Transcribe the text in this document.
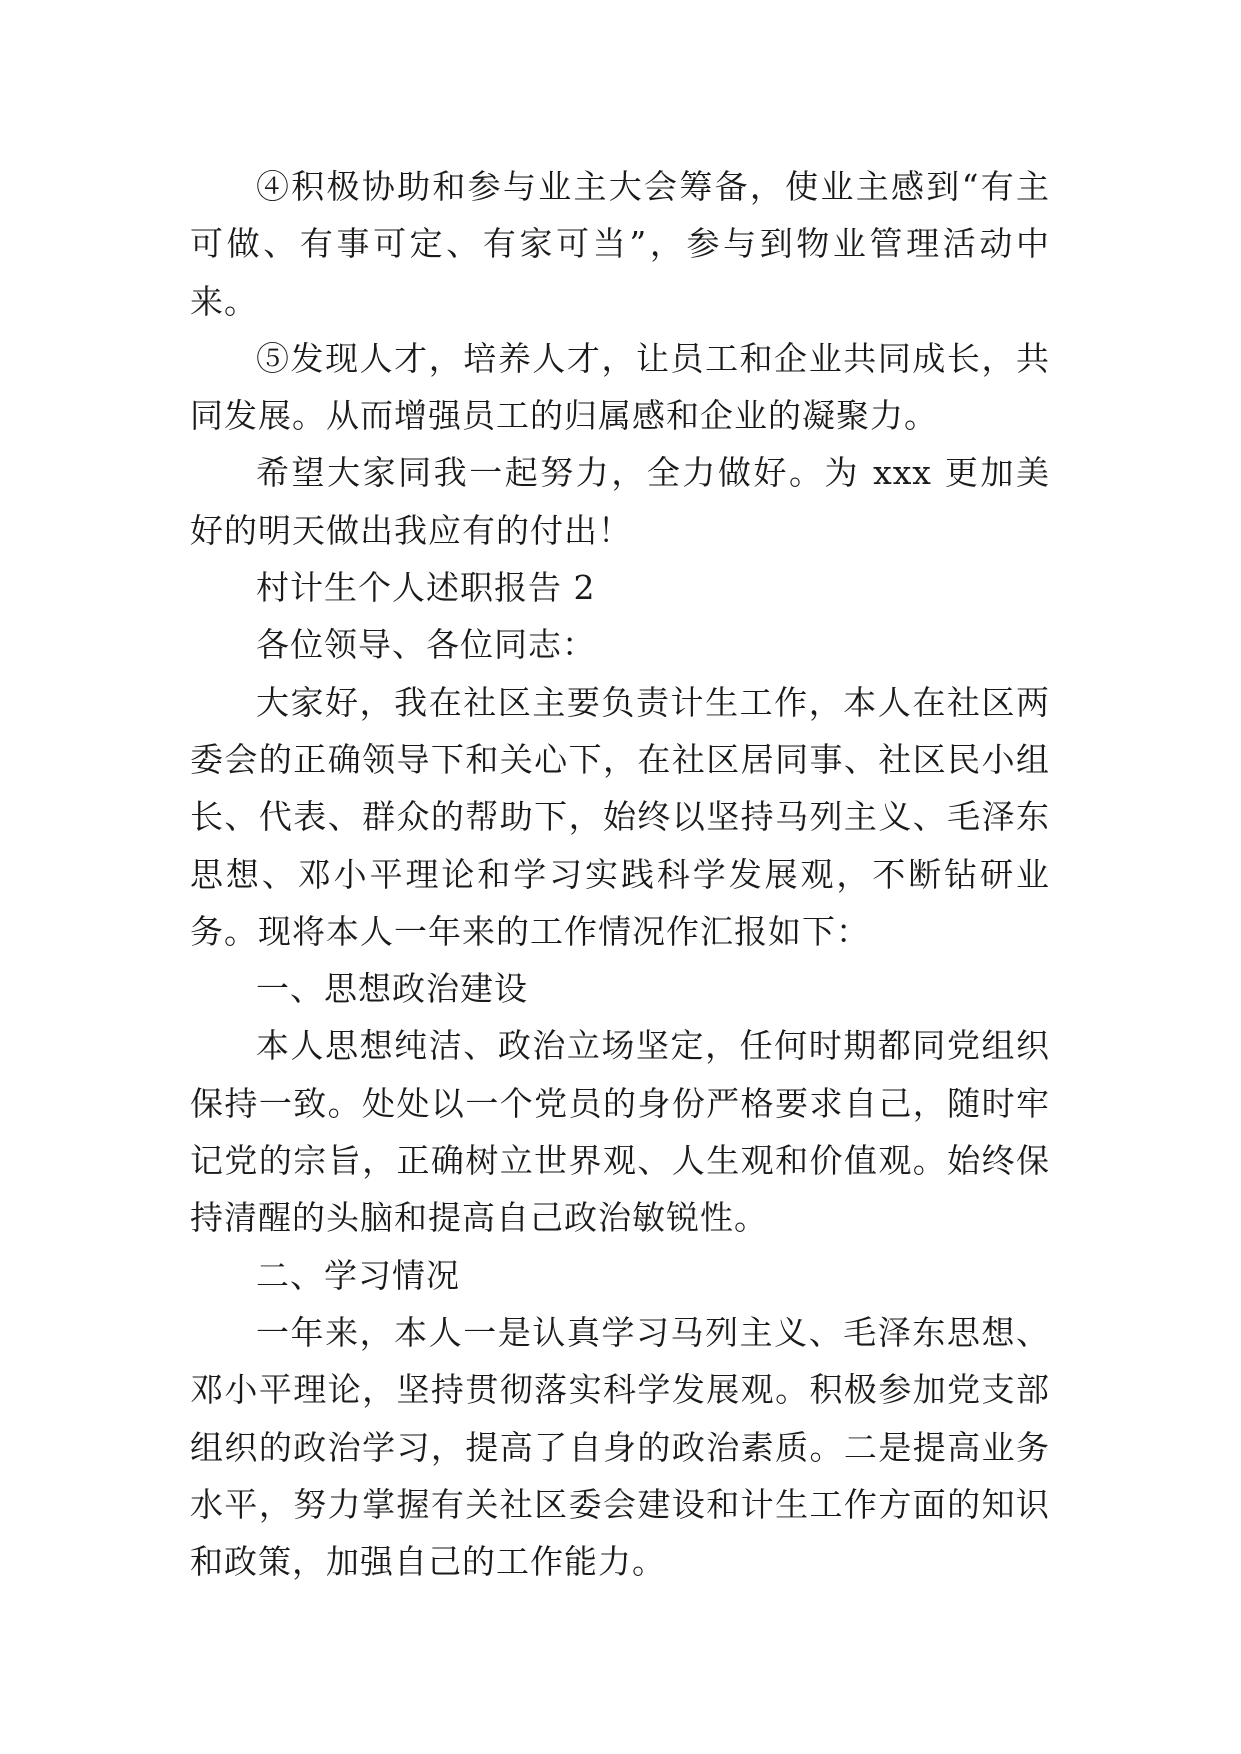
④积极协助和参与业主大会筹备，使业主感到“有主可做、有事可定、有家可当”，参与到物业管理活动中来。

⑤发现人才，培养人才，让员工和企业共同成长，共同发展。从而增强员工的归属感和企业的凝聚力。

希望大家同我一起努力，全力做好。为 xxx 更加美好的明天做出我应有的付出！

村计生个人述职报告 2

各位领导、各位同志：

大家好，我在社区主要负责计生工作，本人在社区两委会的正确领导下和关心下，在社区居同事、社区民小组长、代表、群众的帮助下，始终以坚持马列主义、毛泽东思想、邓小平理论和学习实践科学发展观，不断钻研业务。现将本人一年来的工作情况作汇报如下：

一、思想政治建设

本人思想纯洁、政治立场坚定，任何时期都同党组织保持一致。处处以一个党员的身份严格要求自己，随时牢记党的宗旨，正确树立世界观、人生观和价值观。始终保持清醒的头脑和提高自己政治敏锐性。

二、学习情况

一年来，本人一是认真学习马列主义、毛泽东思想、邓小平理论，坚持贯彻落实科学发展观。积极参加党支部组织的政治学习，提高了自身的政治素质。二是提高业务水平，努力掌握有关社区委会建设和计生工作方面的知识和政策，加强自己的工作能力。
